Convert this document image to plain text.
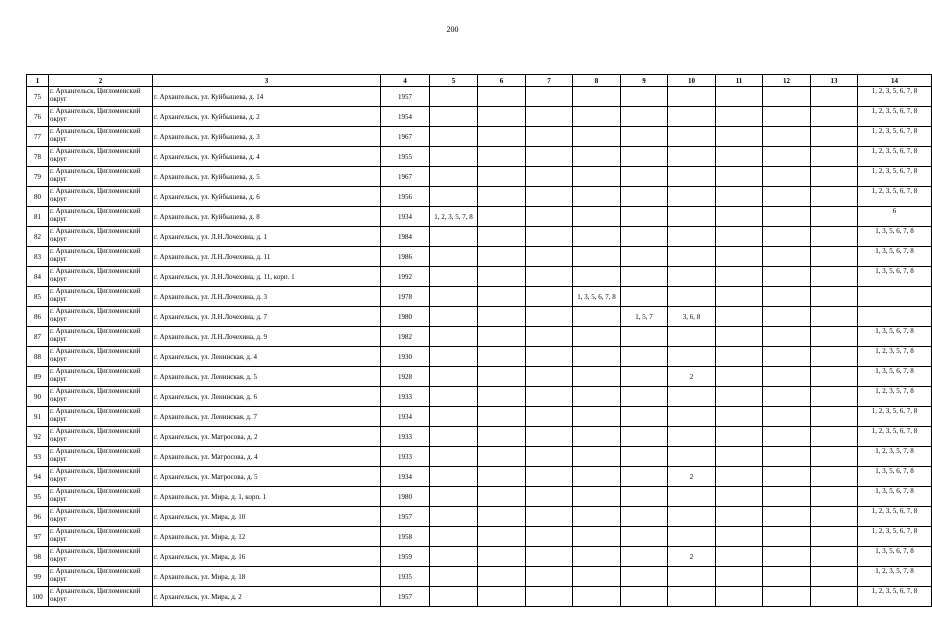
200
1	2	3	4	5	6	7	8	9	10	11	12	13	14
75	г. Архангельск, Цигломенский округ	г. Архангельск, ул. Куйбышева, д. 14	1957										1, 2, 3, 5, 6, 7, 8
76	г. Архангельск, Цигломенский округ	г. Архангельск, ул. Куйбышева, д. 2	1954										1, 2, 3, 5, 6, 7, 8
77	г. Архангельск, Цигломенский округ	г. Архангельск, ул. Куйбышева, д. 3	1967										1, 2, 3, 5, 6, 7, 8
78	г. Архангельск, Цигломенский округ	г. Архангельск, ул. Куйбышева, д. 4	1955										1, 2, 3, 5, 6, 7, 8
79	г. Архангельск, Цигломенский округ	г. Архангельск, ул. Куйбышева, д. 5	1967										1, 2, 3, 5, 6, 7, 8
80	г. Архангельск, Цигломенский округ	г. Архангельск, ул. Куйбышева, д. 6	1956										1, 2, 3, 5, 6, 7, 8
81	г. Архангельск, Цигломенский округ	г. Архангельск, ул. Куйбышева, д. 8	1934	1, 2, 3, 5, 7, 8									6
82	г. Архангельск, Цигломенский округ	г. Архангельск, ул. Л.Н.Лочехина, д. 1	1984										1, 3, 5, 6, 7, 8
83	г. Архангельск, Цигломенский округ	г. Архангельск, ул. Л.Н.Лочехина, д. 11	1986										1, 3, 5, 6, 7, 8
84	г. Архангельск, Цигломенский округ	г. Архангельск, ул. Л.Н.Лочехина, д. 11, корп. 1	1992										1, 3, 5, 6, 7, 8
85	г. Архангельск, Цигломенский округ	г. Архангельск, ул. Л.Н.Лочехина, д. 3	1978				1, 3, 5, 6, 7, 8						
86	г. Архангельск, Цигломенский округ	г. Архангельск, ул. Л.Н.Лочехина, д. 7	1980					1, 5, 7	3, 6, 8				
87	г. Архангельск, Цигломенский округ	г. Архангельск, ул. Л.Н.Лочехина, д. 9	1982										1, 3, 5, 6, 7, 8
88	г. Архангельск, Цигломенский округ	г. Архангельск, ул. Ленинская, д. 4	1930										1, 2, 3, 5, 7, 8
89	г. Архангельск, Цигломенский округ	г. Архангельск, ул. Ленинская, д. 5	1928						2				1, 3, 5, 6, 7, 8
90	г. Архангельск, Цигломенский округ	г. Архангельск, ул. Ленинская, д. 6	1933										1, 2, 3, 5, 7, 8
91	г. Архангельск, Цигломенский округ	г. Архангельск, ул. Ленинская, д. 7	1934										1, 2, 3, 5, 6, 7, 8
92	г. Архангельск, Цигломенский округ	г. Архангельск, ул. Матросова, д. 2	1933										1, 2, 3, 5, 6, 7, 8
93	г. Архангельск, Цигломенский округ	г. Архангельск, ул. Матросова, д. 4	1933										1, 2, 3, 5, 7, 8
94	г. Архангельск, Цигломенский округ	г. Архангельск, ул. Матросова, д. 5	1934						2				1, 3, 5, 6, 7, 8
95	г. Архангельск, Цигломенский округ	г. Архангельск, ул. Мира, д. 1, корп. 1	1980										1, 3, 5, 6, 7, 8
96	г. Архангельск, Цигломенский округ	г. Архангельск, ул. Мира, д. 10	1957										1, 2, 3, 5, 6, 7, 8
97	г. Архангельск, Цигломенский округ	г. Архангельск, ул. Мира, д. 12	1958										1, 2, 3, 5, 6, 7, 8
98	г. Архангельск, Цигломенский округ	г. Архангельск, ул. Мира, д. 16	1959						2				1, 3, 5, 6, 7, 8
99	г. Архангельск, Цигломенский округ	г. Архангельск, ул. Мира, д. 18	1935										1, 2, 3, 5, 7, 8
100	г. Архангельск, Цигломенский округ	г. Архангельск, ул. Мира, д. 2	1957										1, 2, 3, 5, 6, 7, 8
